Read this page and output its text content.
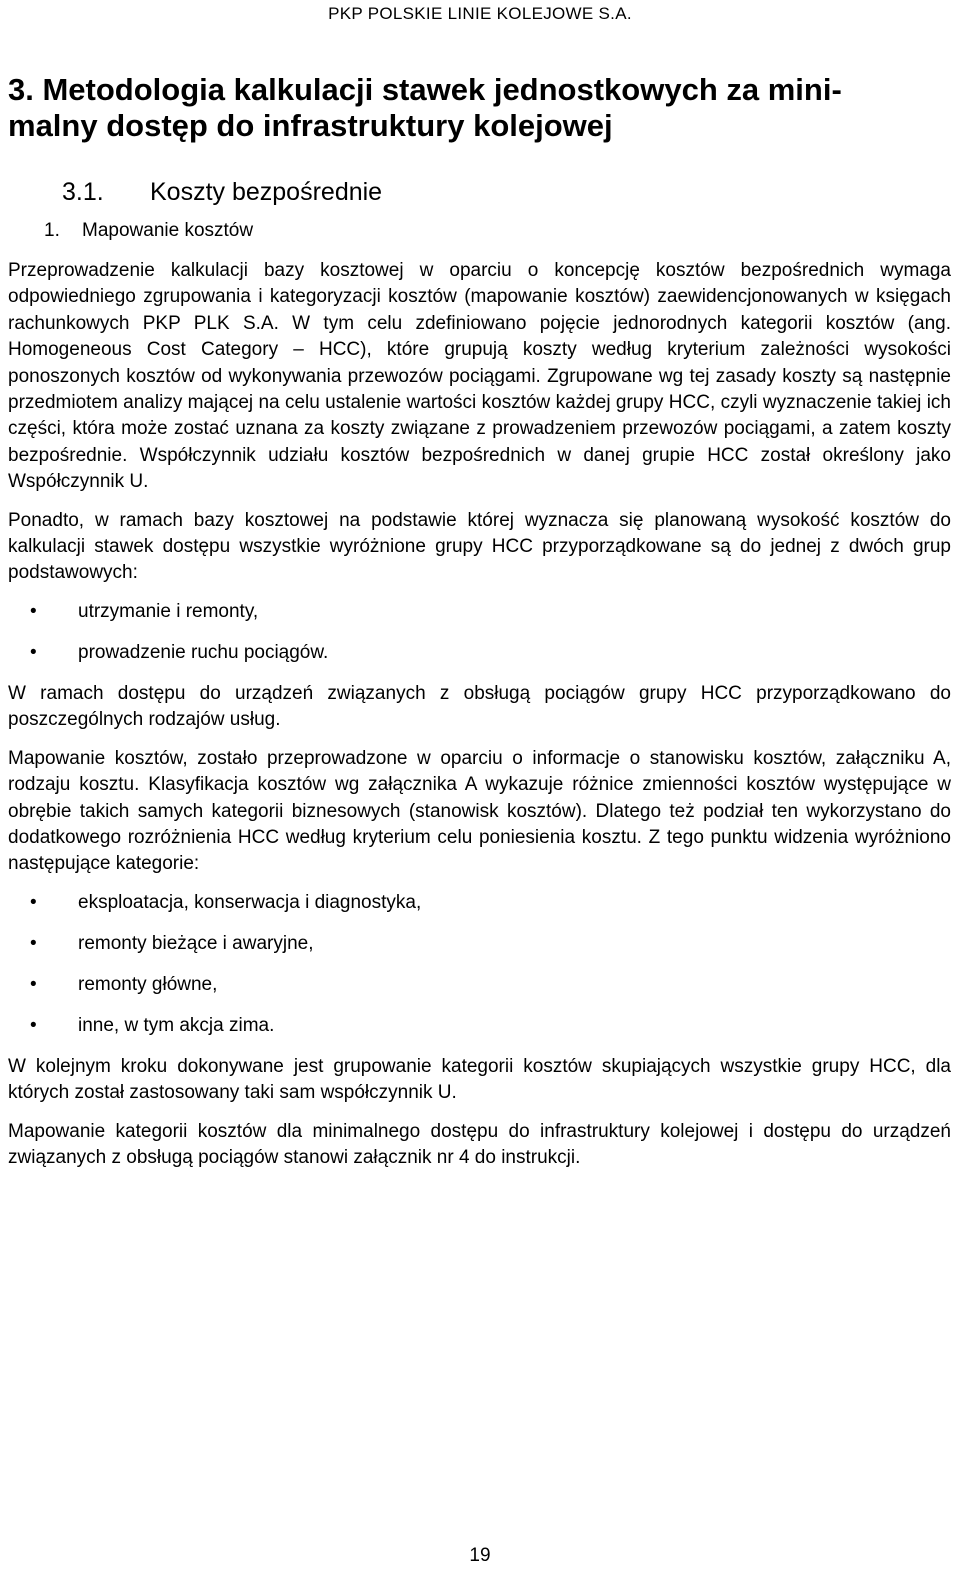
PKP POLSKIE LINIE KOLEJOWE S.A.
3. Metodologia kalkulacji stawek jednostkowych za mini-
malny dostęp do infrastruktury kolejowej
3.1. Koszty bezpośrednie
1. Mapowanie kosztów

Przeprowadzenie kalkulacji bazy kosztowej w oparciu o koncepcję kosztów bezpośrednich wymaga odpowiedniego zgrupowania i kategoryzacji kosztów (mapowanie kosztów) zaewidencjonowanych w księgach rachunkowych PKP PLK S.A. W tym celu zdefiniowano pojęcie jednorodnych kategorii kosztów (ang. Homogeneous Cost Category – HCC), które grupują koszty według kryterium zależności wysokości ponoszonych kosztów od wykonywania przewozów pociągami. Zgrupowane wg tej zasady koszty są następnie przedmiotem analizy mającej na celu ustalenie wartości kosztów każdej grupy HCC, czyli wyznaczenie takiej ich części, która może zostać uznana za koszty związane z prowadzeniem przewozów pociągami, a zatem koszty bezpośrednie. Współczynnik udziału kosztów bezpośrednich w danej grupie HCC został określony jako Współczynnik U.

Ponadto, w ramach bazy kosztowej na podstawie której wyznacza się planowaną wysokość kosztów do kalkulacji stawek dostępu wszystkie wyróżnione grupy HCC przyporządkowane są do jednej z dwóch grup podstawowych:

• utrzymanie i remonty,
• prowadzenie ruchu pociągów.

W ramach dostępu do urządzeń związanych z obsługą pociągów grupy HCC przyporządkowano do poszczególnych rodzajów usług.

Mapowanie kosztów, zostało przeprowadzone w oparciu o informacje o stanowisku kosztów, załączniku A, rodzaju kosztu. Klasyfikacja kosztów wg załącznika A wykazuje różnice zmienności kosztów występujące w obrębie takich samych kategorii biznesowych (stanowisk kosztów). Dlatego też podział ten wykorzystano do dodatkowego rozróżnienia HCC według kryterium celu poniesienia kosztu. Z tego punktu widzenia wyróżniono następujące kategorie:

• eksploatacja, konserwacja i diagnostyka,
• remonty bieżące i awaryjne,
• remonty główne,
• inne, w tym akcja zima.

W kolejnym kroku dokonywane jest grupowanie kategorii kosztów skupiających wszystkie grupy HCC, dla których został zastosowany taki sam współczynnik U.

Mapowanie kategorii kosztów dla minimalnego dostępu do infrastruktury kolejowej i dostępu do urządzeń związanych z obsługą pociągów stanowi załącznik nr 4 do instrukcji.

19
